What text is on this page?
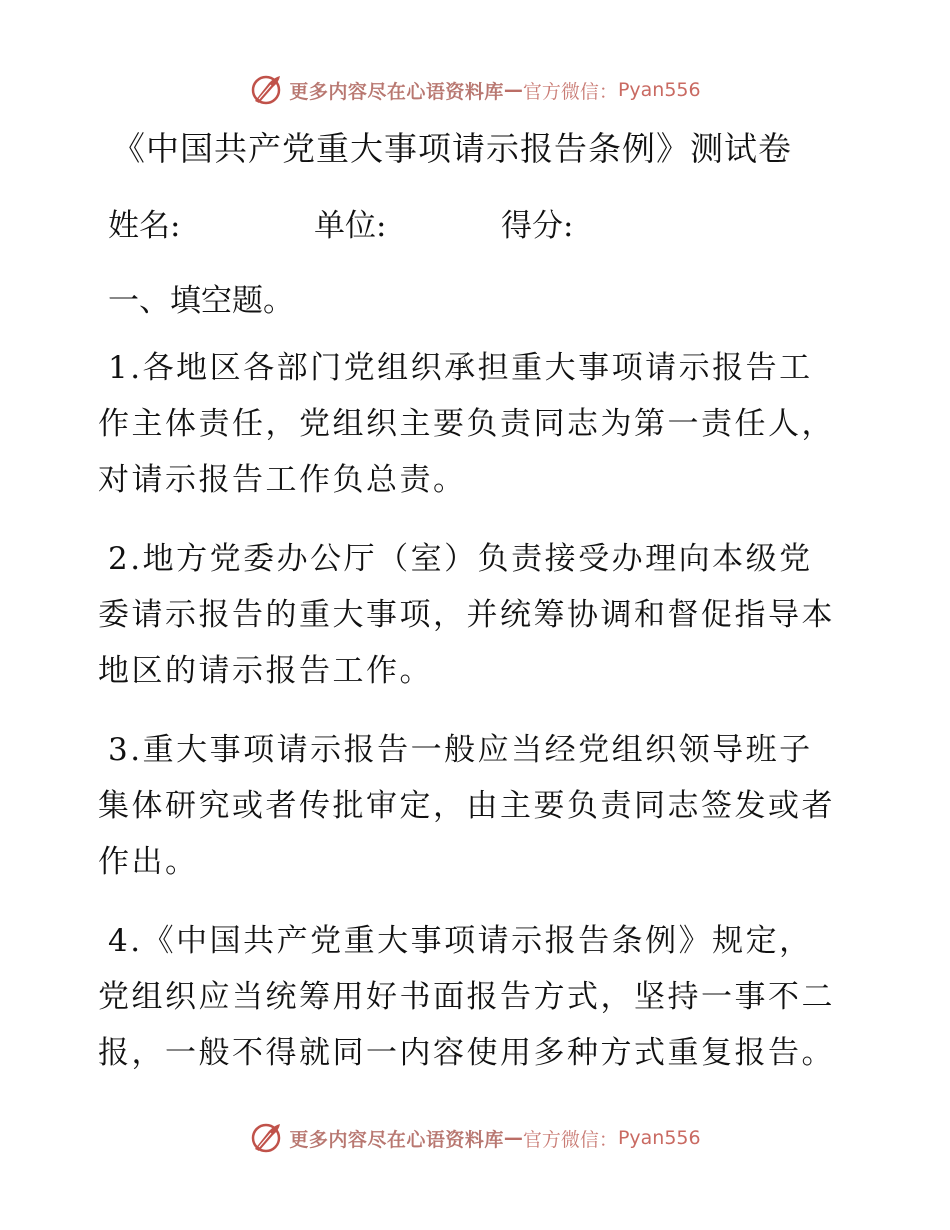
更多内容尽在心语资料库 — 官方微信： Pyan556
《中国共产党重大事项请示报告条例》测试卷
姓名:	单位:	得分:
一、填空题。

1.各地区各部门党组织承担重大事项请示报告工

作主体责任，党组织主要负责同志为第一责任人，

对请示报告工作负总责。

2.地方党委办公厅（室）负责接受办理向本级党

委请示报告的重大事项，并统筹协调和督促指导本

地区的请示报告工作。

3.重大事项请示报告一般应当经党组织领导班子

集体研究或者传批审定，由主要负责同志签发或者

作出。

4.《中国共产党重大事项请示报告条例》规定，

党组织应当统筹用好书面报告方式，坚持一事不二

报，一般不得就同一内容使用多种方式重复报告。

更多内容尽在心语资料库 — 官方微信： Pyan556
